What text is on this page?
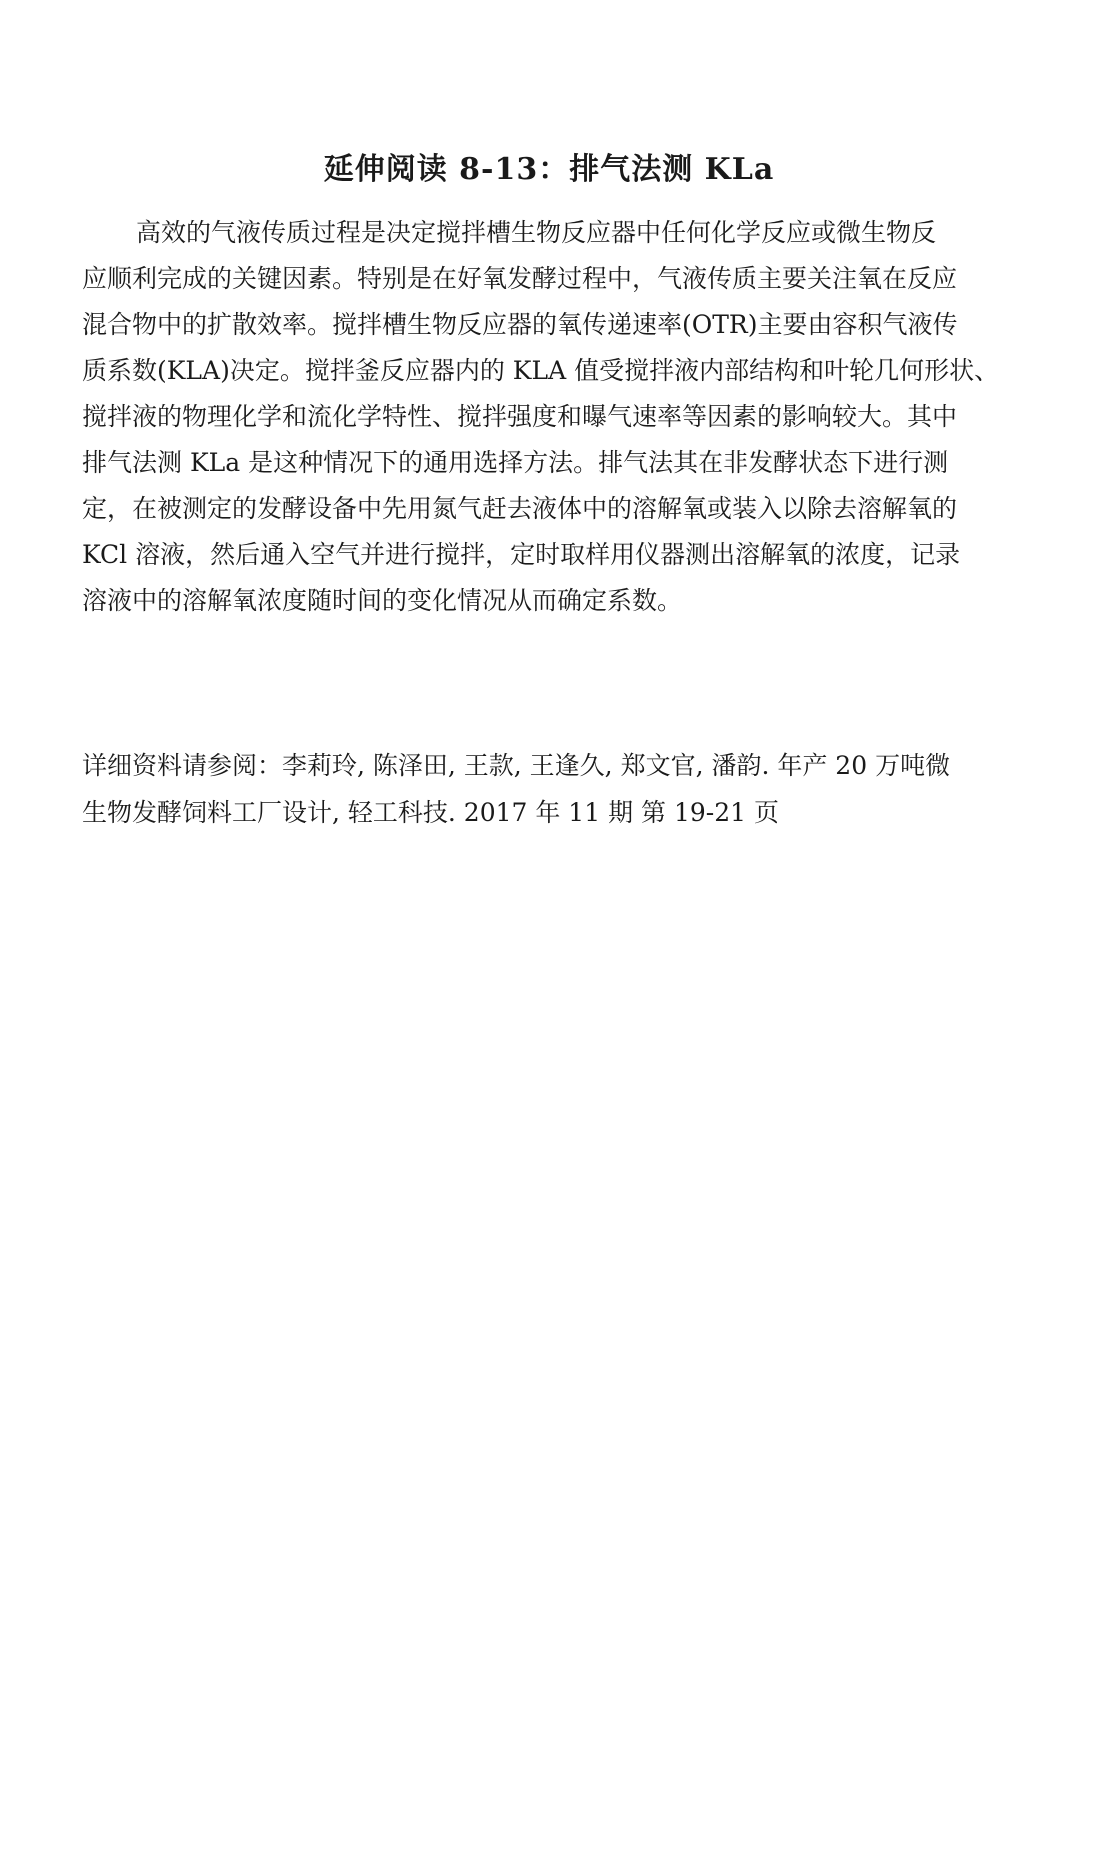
延伸阅读 8-13：排气法测 KLa
高效的气液传质过程是决定搅拌槽生物反应器中任何化学反应或微生物反
应顺利完成的关键因素。特别是在好氧发酵过程中，气液传质主要关注氧在反应
混合物中的扩散效率。搅拌槽生物反应器的氧传递速率(OTR)主要由容积气液传
质系数(KLA)决定。搅拌釜反应器内的 KLA 值受搅拌液内部结构和叶轮几何形状、
搅拌液的物理化学和流化学特性、搅拌强度和曝气速率等因素的影响较大。其中
排气法测 KLa 是这种情况下的通用选择方法。排气法其在非发酵状态下进行测
定，在被测定的发酵设备中先用氮气赶去液体中的溶解氧或装入以除去溶解氧的
KCl 溶液，然后通入空气并进行搅拌，定时取样用仪器测出溶解氧的浓度，记录
溶液中的溶解氧浓度随时间的变化情况从而确定系数。
详细资料请参阅：李莉玲, 陈泽田, 王款, 王逢久, 郑文官, 潘韵. 年产 20 万吨微
生物发酵饲料工厂设计, 轻工科技. 2017 年 11 期 第 19-21 页
